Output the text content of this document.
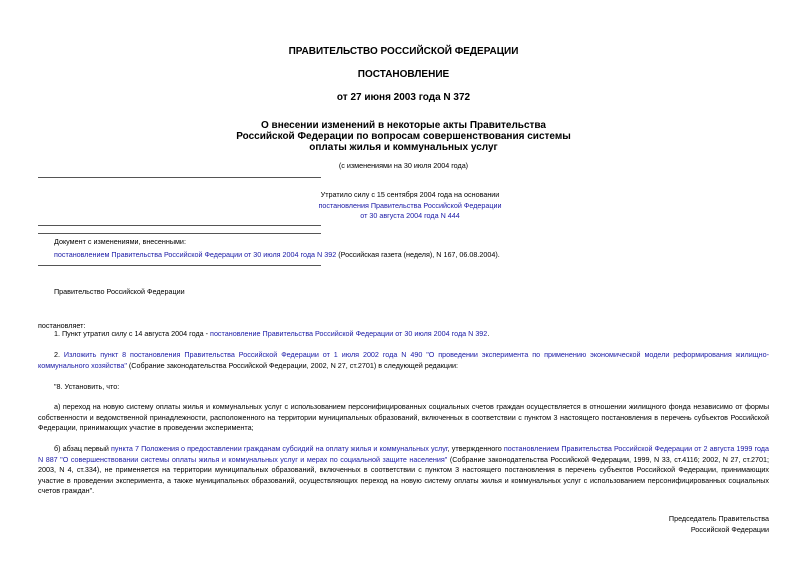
ПРАВИТЕЛЬСТВО РОССИЙСКОЙ ФЕДЕРАЦИИ
ПОСТАНОВЛЕНИЕ
от 27 июня 2003 года N 372
О внесении изменений в некоторые акты Правительства
Российской Федерации по вопросам совершенствования системы
оплаты жилья и коммунальных услуг
(с изменениями на 30 июля 2004 года)
Утратило силу с 15 сентября 2004 года на основании
постановления Правительства Российской Федерации
от 30 августа 2004 года N 444
Документ с изменениями, внесенными:
постановлением Правительства Российской Федерации от 30 июля 2004 года N 392 (Российская газета (неделя), N 167, 06.08.2004).
Правительство Российской Федерации
постановляет:
1. Пункт утратил силу с 14 августа 2004 года - постановление Правительства Российской Федерации от 30 июля 2004 года N 392.
2. Изложить пункт 8 постановления Правительства Российской Федерации от 1 июля 2002 года N 490 "О проведении эксперимента по применению экономической модели реформирования жилищно-коммунального хозяйства" (Собрание законодательства Российской Федерации, 2002, N 27, ст.2701) в следующей редакции:
"8. Установить, что:
а) переход на новую систему оплаты жилья и коммунальных услуг с использованием персонифицированных социальных счетов граждан осуществляется в отношении жилищного фонда независимо от формы собственности и ведомственной принадлежности, расположенного на территории муниципальных образований, включенных в соответствии с пунктом 3 настоящего постановления в перечень субъектов Российской Федерации, принимающих участие в проведении эксперимента;
б) абзац первый пункта 7 Положения о предоставлении гражданам субсидий на оплату жилья и коммунальных услуг, утвержденного постановлением Правительства Российской Федерации от 2 августа 1999 года N 887 "О совершенствовании системы оплаты жилья и коммунальных услуг и мерах по социальной защите населения" (Собрание законодательства Российской Федерации, 1999, N 33, ст.4116; 2002, N 27, ст.2701; 2003, N 4, ст.334), не применяется на территории муниципальных образований, включенных в соответствии с пунктом 3 настоящего постановления в перечень субъектов Российской Федерации, принимающих участие в проведении эксперимента, а также муниципальных образований, осуществляющих переход на новую систему оплаты жилья и коммунальных услуг с использованием персонифицированных социальных счетов граждан".
Председатель Правительства
Российской Федерации
